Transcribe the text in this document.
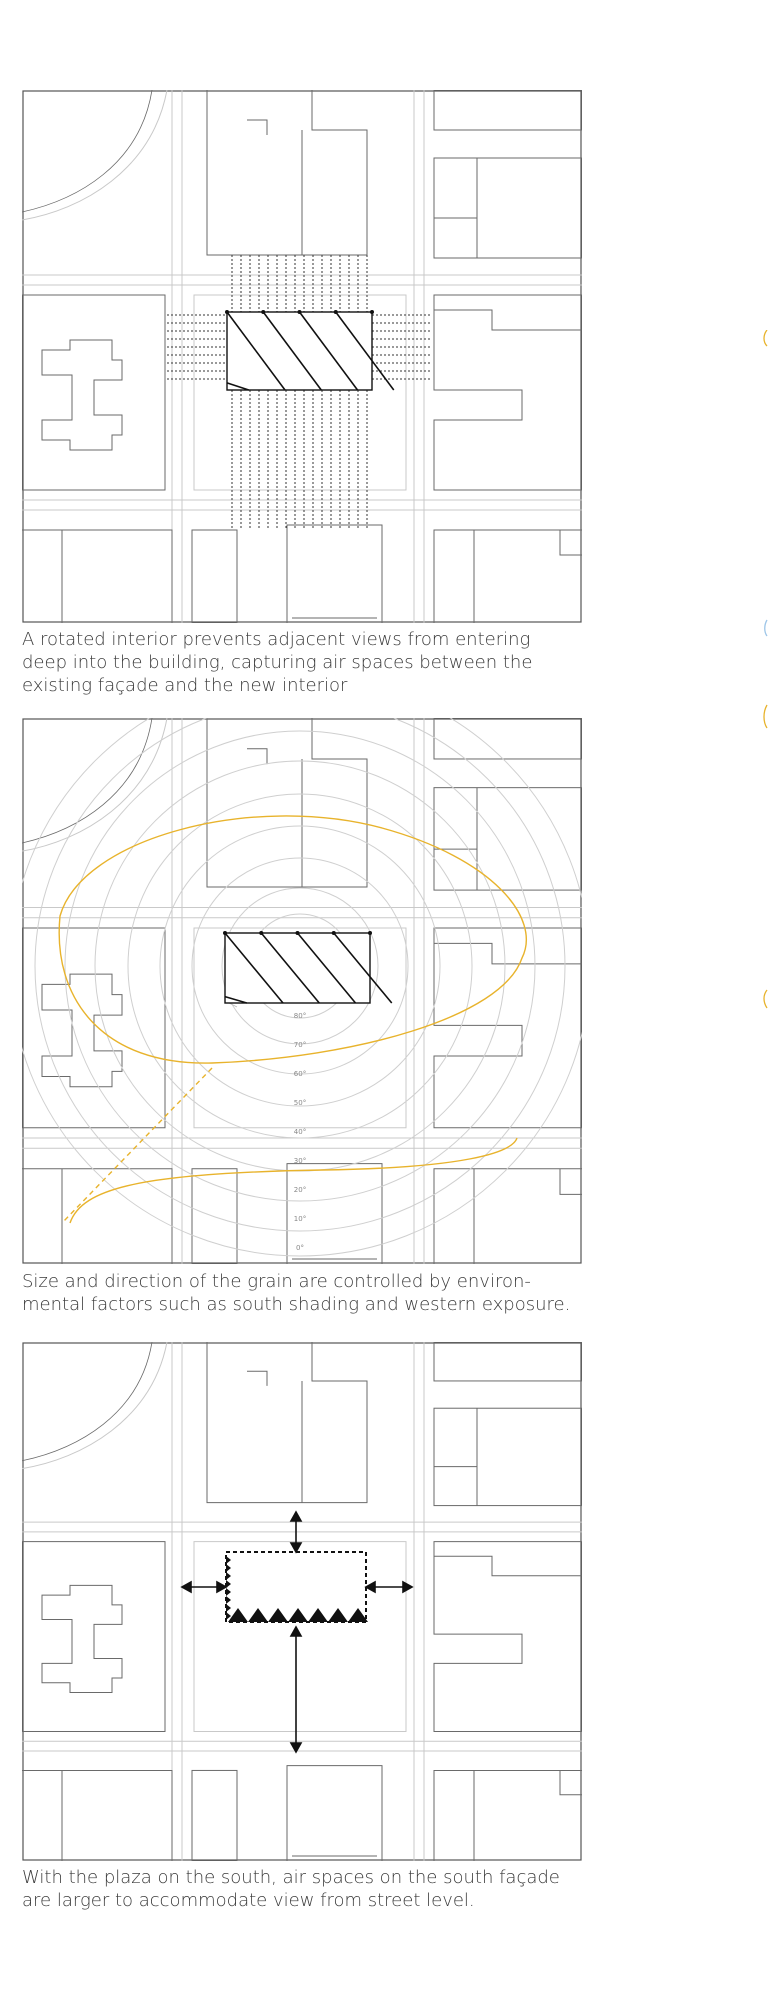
A rotated interior prevents adjacent views from entering
deep into the building, capturing air spaces between the
existing façade and the new interior
80°
70°
60°
50°
40°
30°
20°
10°
0°
Size and direction of the grain are controlled by environ-
mental factors such as south shading and western exposure.
With the plaza on the south, air spaces on the south façade
are larger to accommodate view from street level.
